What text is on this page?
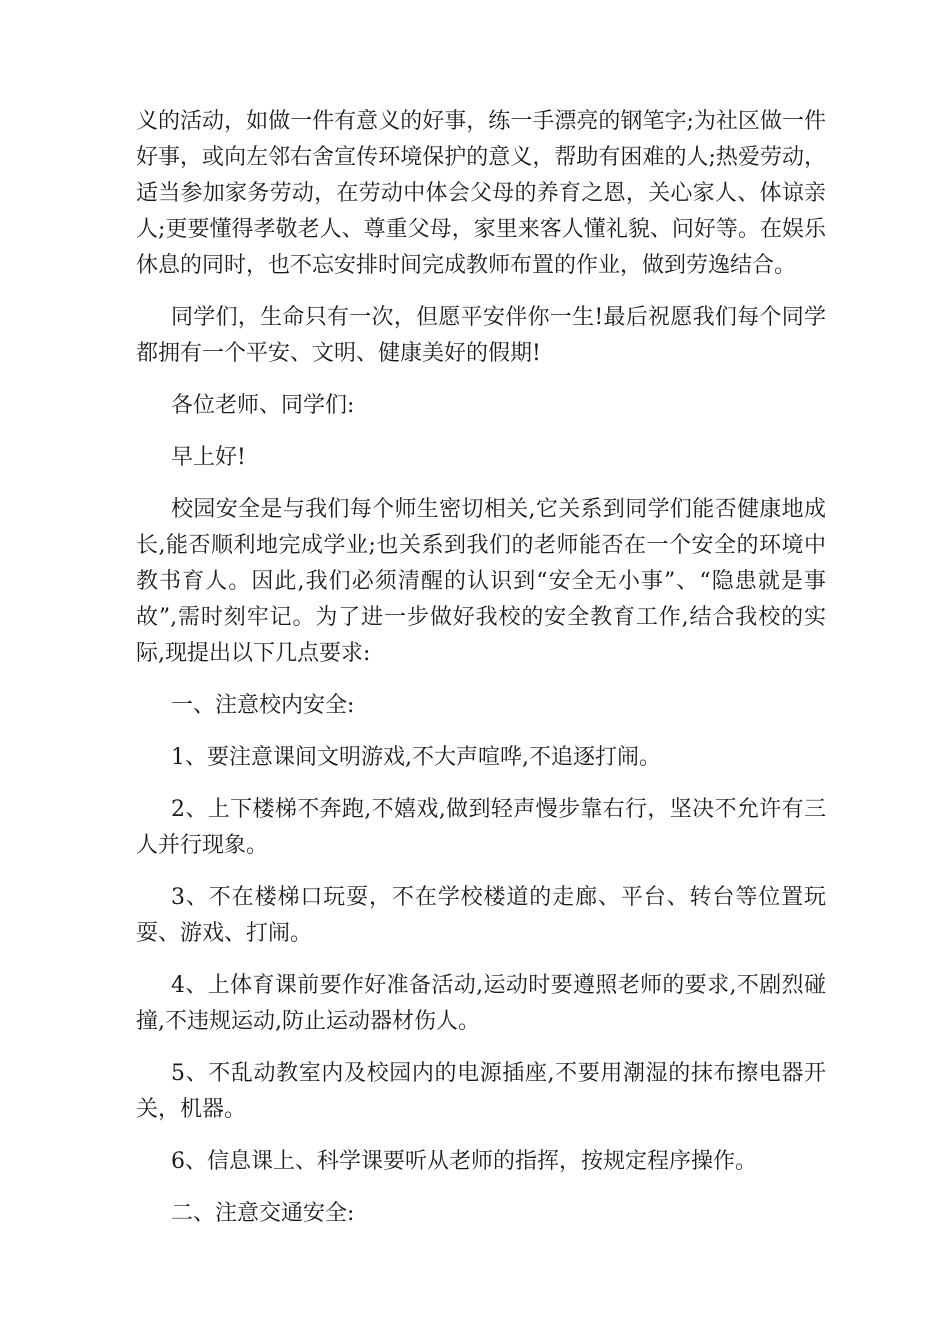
义的活动，如做一件有意义的好事，练一手漂亮的钢笔字;为社区做一件好事，或向左邻右舍宣传环境保护的意义，帮助有困难的人;热爱劳动，适当参加家务劳动，在劳动中体会父母的养育之恩，关心家人、体谅亲人;更要懂得孝敬老人、尊重父母，家里来客人懂礼貌、问好等。在娱乐休息的同时，也不忘安排时间完成教师布置的作业，做到劳逸结合。

同学们，生命只有一次，但愿平安伴你一生!最后祝愿我们每个同学都拥有一个平安、文明、健康美好的假期!

各位老师、同学们:

早上好!

校园安全是与我们每个师生密切相关,它关系到同学们能否健康地成长,能否顺利地完成学业;也关系到我们的老师能否在一个安全的环境中教书育人。因此,我们必须清醒的认识到“安全无小事”、“隐患就是事故”,需时刻牢记。为了进一步做好我校的安全教育工作,结合我校的实际,现提出以下几点要求:

一、注意校内安全:

1、要注意课间文明游戏,不大声喧哗,不追逐打闹。

2、上下楼梯不奔跑,不嬉戏,做到轻声慢步靠右行，坚决不允许有三人并行现象。

3、不在楼梯口玩耍，不在学校楼道的走廊、平台、转台等位置玩耍、游戏、打闹。

4、上体育课前要作好准备活动,运动时要遵照老师的要求,不剧烈碰撞,不违规运动,防止运动器材伤人。

5、不乱动教室内及校园内的电源插座,不要用潮湿的抹布擦电器开关，机器。

6、信息课上、科学课要听从老师的指挥，按规定程序操作。

二、注意交通安全:
